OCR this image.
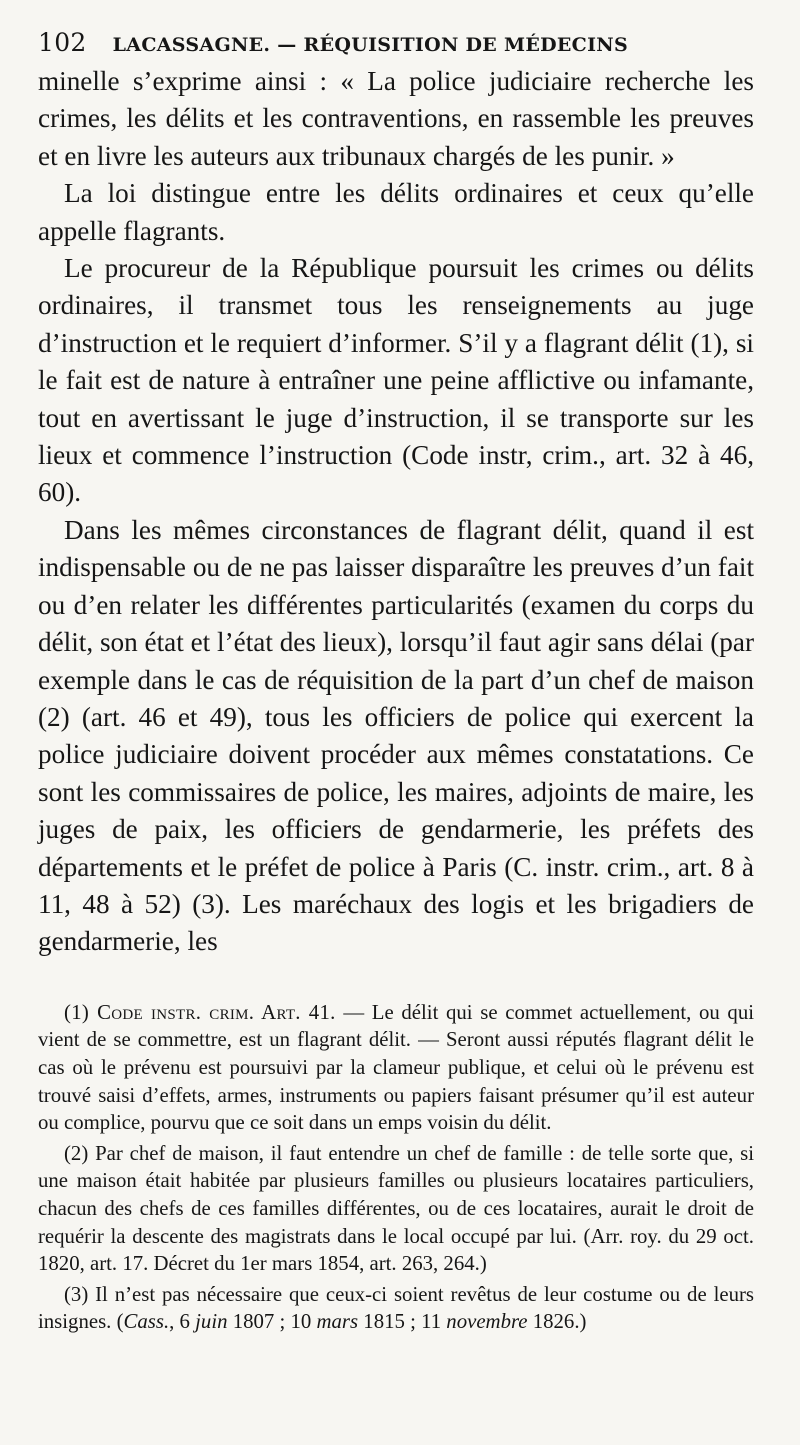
102 LACASSAGNE. — RÉQUISITION DE MÉDECINS

minelle s’exprime ainsi : « La police judiciaire recherche les crimes, les délits et les contraventions, en rassemble les preuves et en livre les auteurs aux tribunaux chargés de les punir. »

La loi distingue entre les délits ordinaires et ceux qu’elle appelle flagrants.

Le procureur de la République poursuit les crimes ou délits ordinaires, il transmet tous les renseignements au juge d’instruction et le requiert d’informer. S’il y a flagrant délit (1), si le fait est de nature à entraîner une peine afflictive ou infamante, tout en avertissant le juge d’instruction, il se transporte sur les lieux et commence l’instruction (Code instr, crim., art. 32 à 46, 60).

Dans les mêmes circonstances de flagrant délit, quand il est indispensable ou de ne pas laisser disparaître les preuves d’un fait ou d’en relater les différentes particularités (examen du corps du délit, son état et l’état des lieux), lorsqu’il faut agir sans délai (par exemple dans le cas de réquisition de la part d’un chef de maison (2) (art. 46 et 49), tous les officiers de police qui exercent la police judiciaire doivent procéder aux mêmes constatations. Ce sont les commissaires de police, les maires, adjoints de maire, les juges de paix, les officiers de gendarmerie, les préfets des départements et le préfet de police à Paris (C. instr. crim., art. 8 à 11, 48 à 52) (3). Les maréchaux des logis et les brigadiers de gendarmerie, les

(1) Code instr. crim. Art. 41. — Le délit qui se commet actuellement, ou qui vient de se commettre, est un flagrant délit. — Seront aussi réputés flagrant délit le cas où le prévenu est poursuivi par la clameur publique, et celui où le prévenu est trouvé saisi d’effets, armes, instruments ou papiers faisant présumer qu’il est auteur ou complice, pourvu que ce soit dans un emps voisin du délit.

(2) Par chef de maison, il faut entendre un chef de famille : de telle sorte que, si une maison était habitée par plusieurs familles ou plusieurs locataires particuliers, chacun des chefs de ces familles différentes, ou de ces locataires, aurait le droit de requérir la descente des magistrats dans le local occupé par lui. (Arr. roy. du 29 oct. 1820, art. 17. Décret du 1er mars 1854, art. 263, 264.)

(3) Il n’est pas nécessaire que ceux-ci soient revêtus de leur costume ou de leurs insignes. (Cass., 6 juin 1807 ; 10 mars 1815 ; 11 novembre 1826.)
